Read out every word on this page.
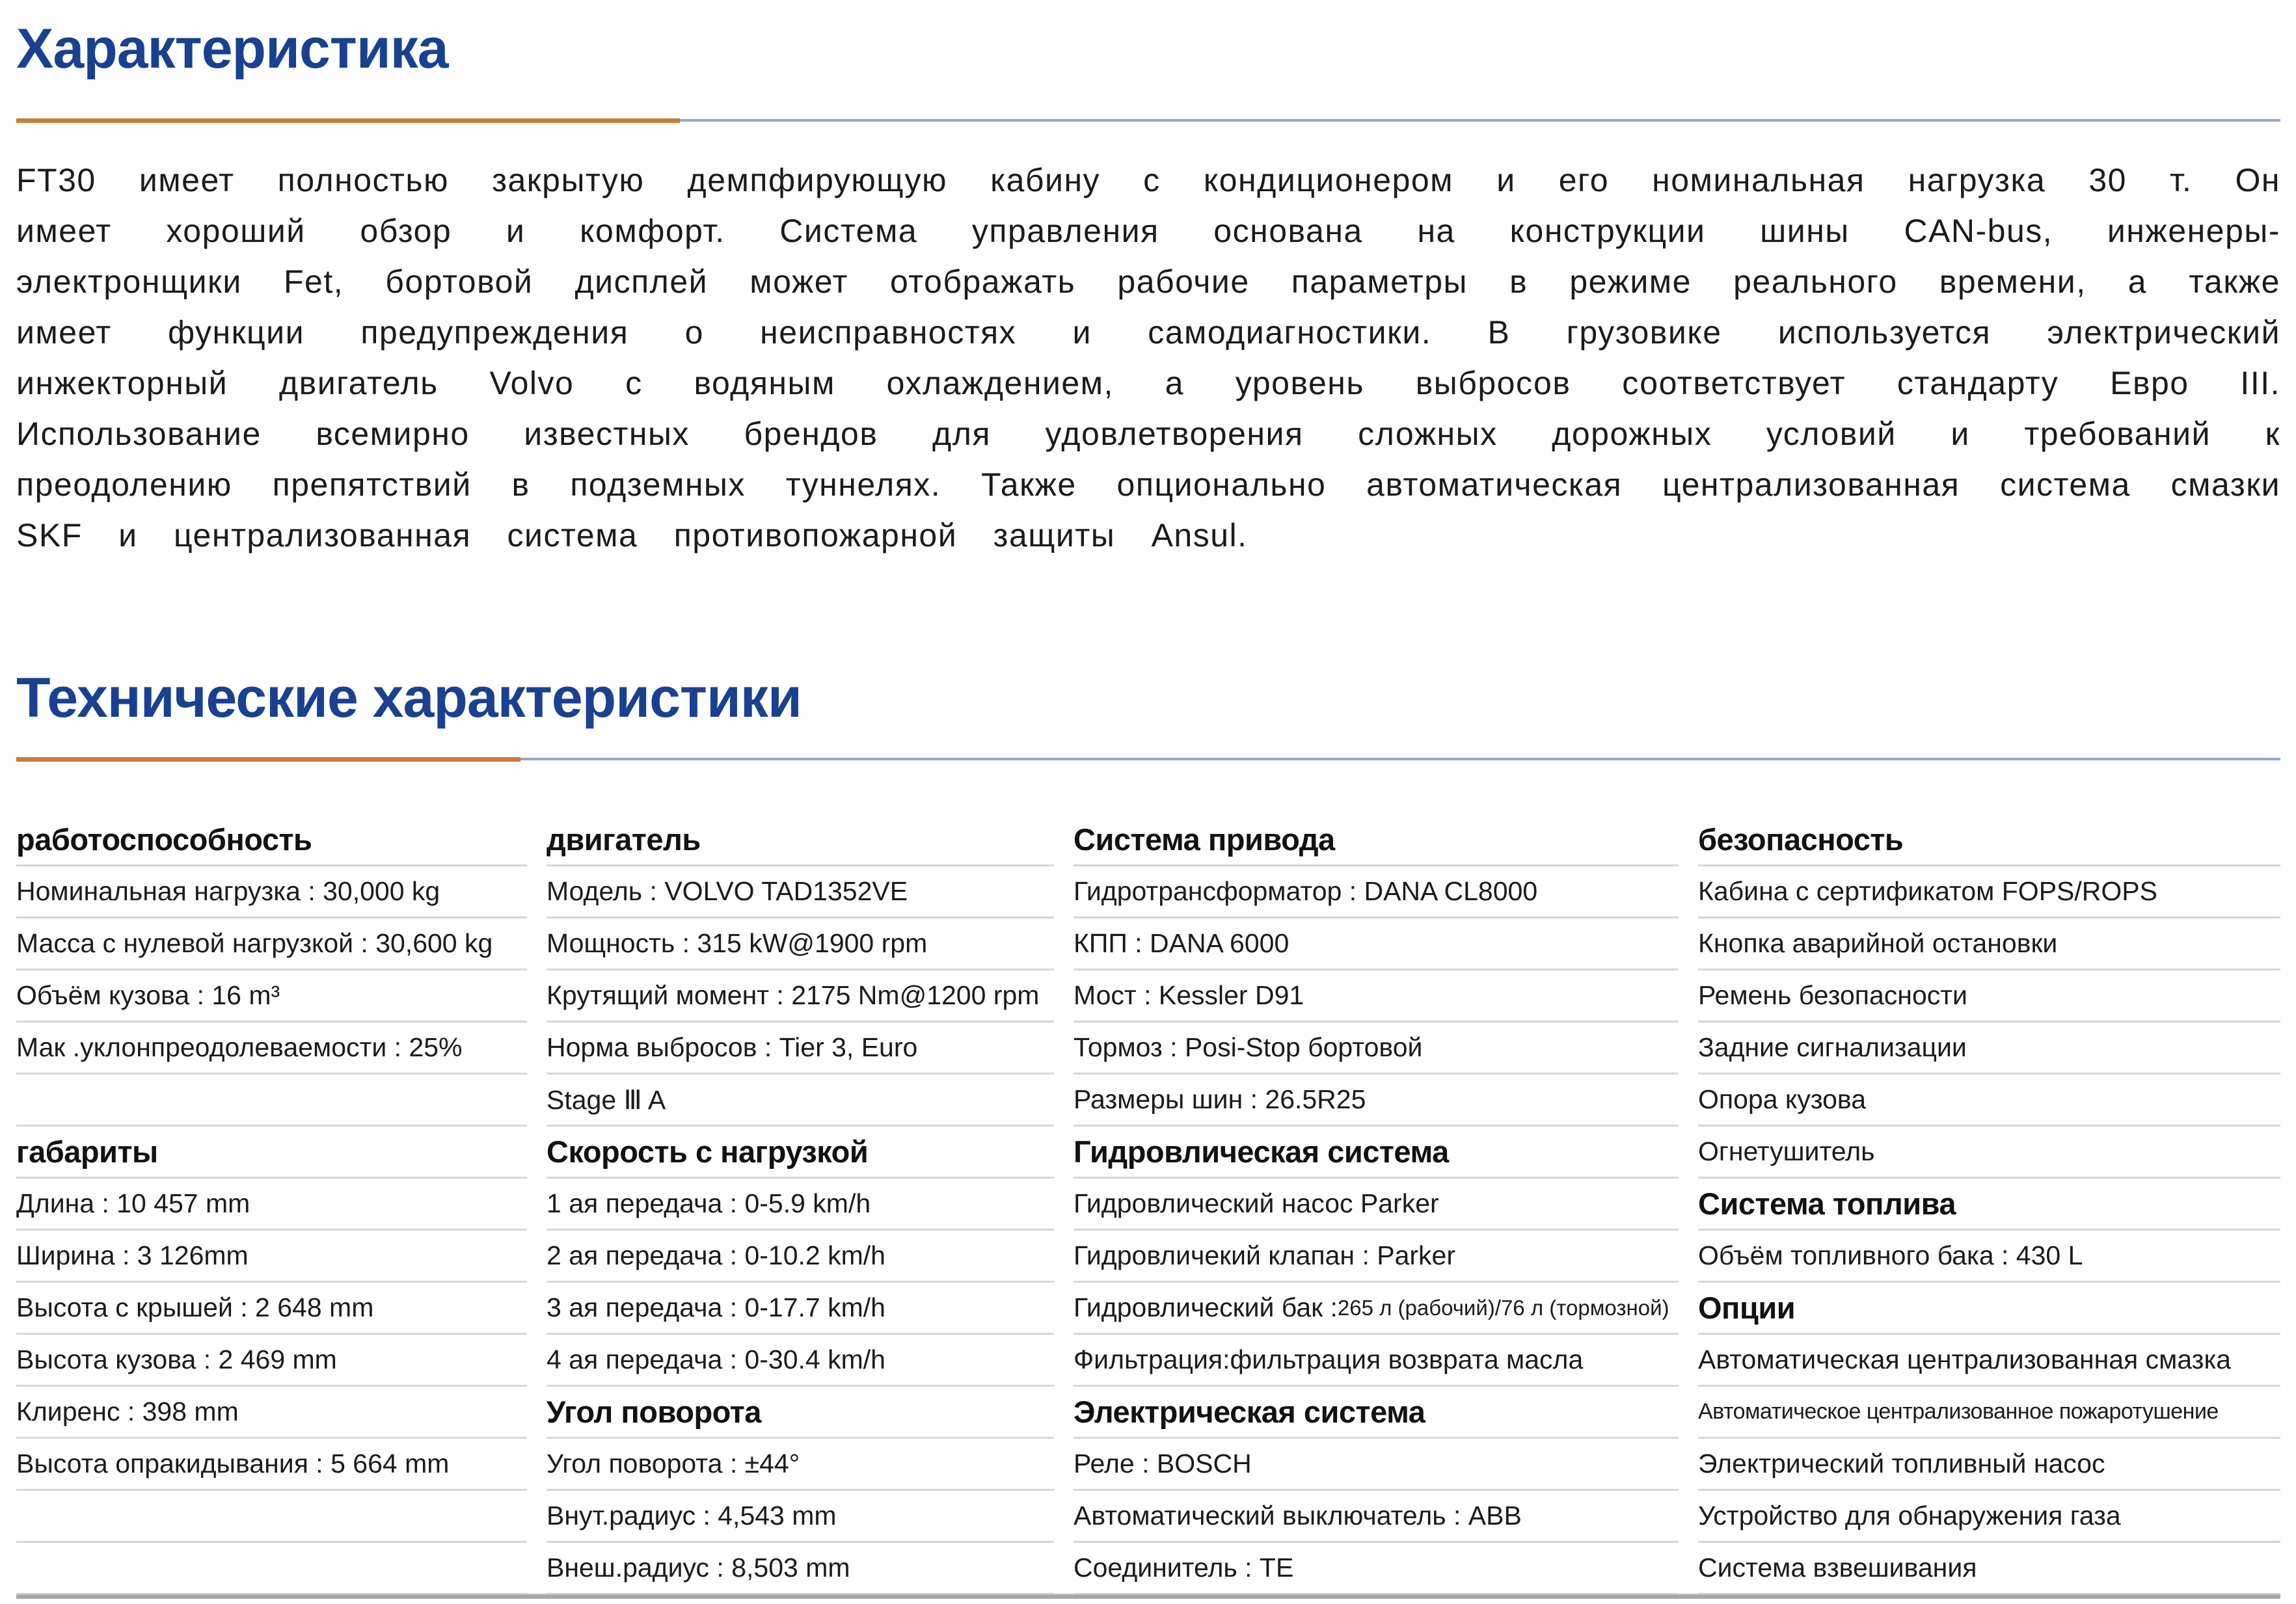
Характеристика

FT30 имеет полностью закрытую демпфирующую кабину с кондиционером и его номинальная нагрузка 30 т. Он имеет хороший обзор и комфорт. Система управления основана на конструкции шины CAN-bus, инженеры-электронщики Fet, бортовой дисплей может отображать рабочие параметры в режиме реального времени, а также имеет функции предупреждения о неисправностях и самодиагностики. В грузовике используется электрический инжекторный двигатель Volvo с водяным охлаждением, а уровень выбросов соответствует стандарту Евро III. Использование всемирно известных брендов для удовлетворения сложных дорожных условий и требований к преодолению препятствий в подземных туннелях. Также опционально автоматическая централизованная система смазки SKF и централизованная система противопожарной защиты Ansul.

Технические характеристики
работоспособность
Номинальная нагрузка : 30,000 kg
Масса с нулевой нагрузкой : 30,600 kg
Объём кузова : 16 m³
Мак .уклонпреодолеваемости : 25%
габариты
Длина : 10 457 mm
Ширина : 3 126mm
Высота с крышей : 2 648 mm
Высота кузова : 2 469 mm
Клиренс : 398 mm
Высота опракидывания : 5 664 mm
двигатель
Модель : VOLVO TAD1352VE
Мощность : 315 kW@1900 rpm
Крутящий момент : 2175 Nm@1200 rpm
Норма выбросов : Tier 3, Euro
Stage Ⅲ A
Скорость с нагрузкой
1 ая передача : 0-5.9 km/h
2 ая передача : 0-10.2 km/h
3 ая передача : 0-17.7 km/h
4 ая передача : 0-30.4 km/h
Угол поворота
Угол поворота : ±44°
Внут.радиус : 4,543 mm
Внеш.радиус : 8,503 mm
Система привода
Гидротрансформатор : DANA CL8000
КПП : DANA 6000
Мост : Kessler D91
Тормоз : Posi-Stop бортовой
Размеры шин : 26.5R25
Гидровлическая система
Гидровлический насос Parker
Гидровличекий клапан : Parker
Гидровлический бак : 265 л (рабочий)/76 л (тормозной)
Фильтрация:фильтрация возврата масла
Электрическая система
Реле : BOSCH
Автоматический выключатель : ABB
Соединитель : TE
безопасность
Кабина с сертификатом FOPS/ROPS
Кнопка аварийной остановки
Ремень безопасности
Задние сигнализации
Опора кузова
Огнетушитель
Система топлива
Объём топливного бака : 430 L
Опции
Автоматическая централизованная смазка
Автоматическое централизованное пожаротушение
Электрический топливный насос
Устройство для обнаружения газа
Система взвешивания
